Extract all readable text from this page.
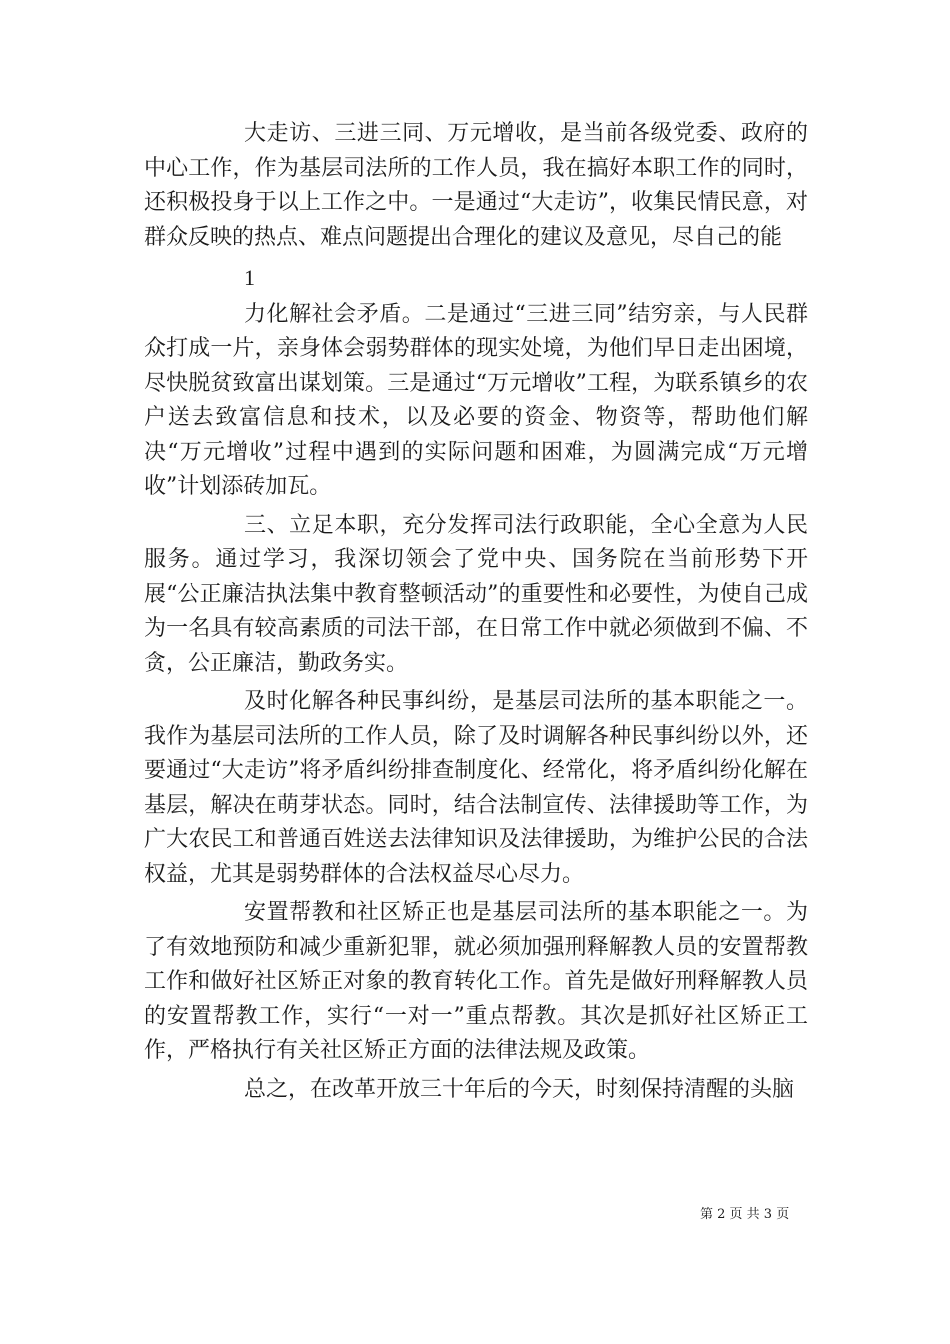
大走访、三进三同、万元增收，是当前各级党委、政府的中心工作，作为基层司法所的工作人员，我在搞好本职工作的同时，还积极投身于以上工作之中。一是通过“大走访”，收集民情民意，对群众反映的热点、难点问题提出合理化的建议及意见，尽自己的能

1

力化解社会矛盾。二是通过“三进三同”结穷亲，与人民群众打成一片，亲身体会弱势群体的现实处境，为他们早日走出困境，尽快脱贫致富出谋划策。三是通过“万元增收”工程，为联系镇乡的农户送去致富信息和技术，以及必要的资金、物资等，帮助他们解决“万元增收”过程中遇到的实际问题和困难，为圆满完成“万元增收”计划添砖加瓦。

三、立足本职，充分发挥司法行政职能，全心全意为人民服务。通过学习，我深切领会了党中央、国务院在当前形势下开展“公正廉洁执法集中教育整顿活动”的重要性和必要性，为使自己成为一名具有较高素质的司法干部，在日常工作中就必须做到不偏、不贪，公正廉洁，勤政务实。

及时化解各种民事纠纷，是基层司法所的基本职能之一。我作为基层司法所的工作人员，除了及时调解各种民事纠纷以外，还要通过“大走访”将矛盾纠纷排查制度化、经常化，将矛盾纠纷化解在基层，解决在萌芽状态。同时，结合法制宣传、法律援助等工作，为广大农民工和普通百姓送去法律知识及法律援助，为维护公民的合法权益，尤其是弱势群体的合法权益尽心尽力。

安置帮教和社区矫正也是基层司法所的基本职能之一。为了有效地预防和减少重新犯罪，就必须加强刑释解教人员的安置帮教工作和做好社区矫正对象的教育转化工作。首先是做好刑释解教人员的安置帮教工作，实行“一对一”重点帮教。其次是抓好社区矫正工作，严格执行有关社区矫正方面的法律法规及政策。

总之，在改革开放三十年后的今天，时刻保持清醒的头脑

第 2 页 共 3 页
